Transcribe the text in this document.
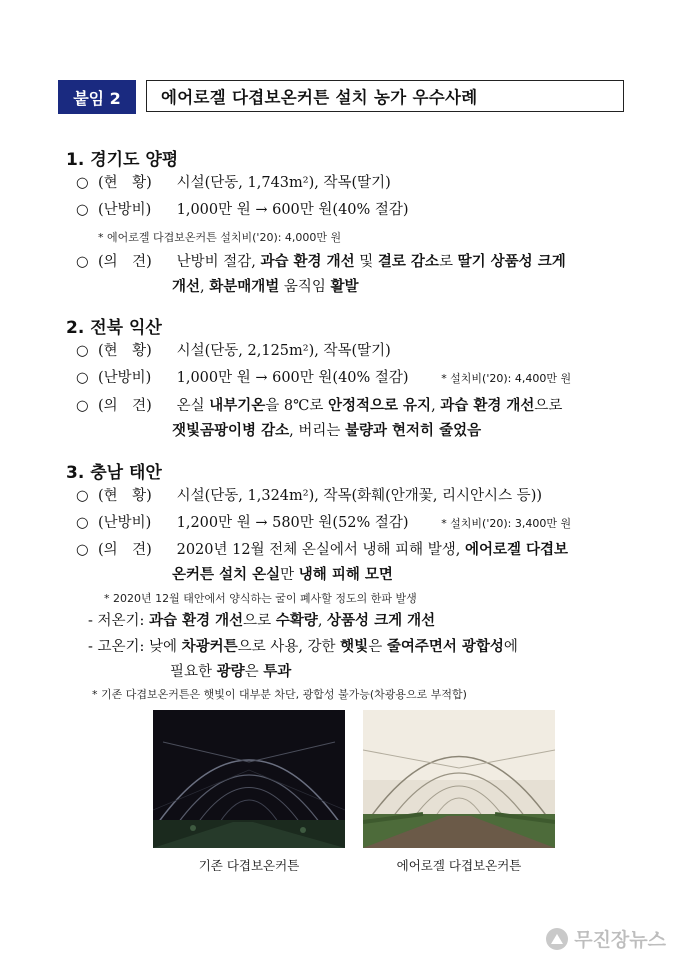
붙임 2	에어로겔 다겹보온커튼 설치 농가 우수사례
1. 경기도 양평
○ (현　황) 시설(단동, 1,743m²), 작목(딸기)
○ (난방비) 1,000만 원 → 600만 원(40% 절감)
* 에어로겔 다겹보온커튼 설치비('20): 4,000만 원
○ (의　견) 난방비 절감, 과습 환경 개선 및 결로 감소로 딸기 상품성 크게
개선, 화분매개벌 움직임 활발
2. 전북 익산
○ (현　황) 시설(단동, 2,125m²), 작목(딸기)
○ (난방비) 1,000만 원 → 600만 원(40% 절감)	* 설치비('20): 4,400만 원
○ (의　견) 온실 내부기온을 8℃로 안정적으로 유지, 과습 환경 개선으로
잿빛곰팡이병 감소, 버리는 불량과 현저히 줄었음
3. 충남 태안
○ (현　황) 시설(단동, 1,324m²), 작목(화훼(안개꽃, 리시안시스 등))
○ (난방비) 1,200만 원 → 580만 원(52% 절감)	* 설치비('20): 3,400만 원
○ (의　견) 2020년 12월 전체 온실에서 냉해 피해 발생, 에어로겔 다겹보
온커튼 설치 온실만 냉해 피해 모면
* 2020년 12월 태안에서 양식하는 굴이 폐사할 정도의 한파 발생
- 저온기: 과습 환경 개선으로 수확량, 상품성 크게 개선
- 고온기: 낮에 차광커튼으로 사용, 강한 햇빛은 줄여주면서 광합성에
필요한 광량은 투과
* 기존 다겹보온커튼은 햇빛이 대부분 차단, 광합성 불가능(차광용으로 부적합)
기존 다겹보온커튼	에어로겔 다겹보온커튼
무진장뉴스
